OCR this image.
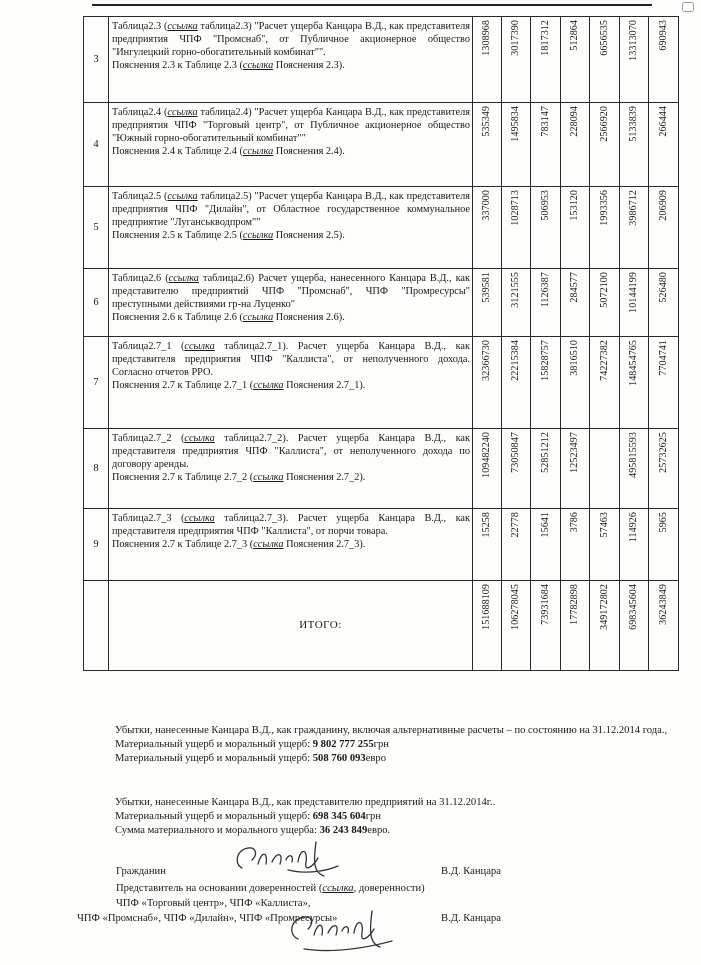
3	Таблица2.3 (ссылка таблица2.3) "Расчет ущерба Канцара В.Д., как представителя предприятия ЧПФ "Промснаб", от Публичное акционерное общество "Ингулецкий горно-обогатительный комбинат"".
Пояснения 2.3 к Таблице 2.3 (ссылка Пояснения 2.3).	1308968	3017390	1817312	512864	6656535	13313070	690943

4	Таблица2.4 (ссылка таблица2.4) "Расчет ущерба Канцара В.Д., как представителя предприятия ЧПФ "Торговый центр", от Публичное акционерное общество "Южный горно-обогатительный комбинат""
Пояснения 2.4 к Таблице 2.4 (ссылка Пояснения 2.4).	535349	1495834	783147	228094	2566920	5133839	266444

5	Таблица2.5 (ссылка таблица2.5) "Расчет ущерба Канцара В.Д., как представителя предприятия ЧПФ "Дилайн", от Областное государственное коммунальное предприятие "Луганськводпром""
Пояснения 2.5 к Таблице 2.5 (ссылка Пояснения 2.5).	337000	1028713	506953	153120	1993356	3986712	206909

6	Таблица2.6 (ссылка таблица2.6) Расчет ущерба, нанесенного Канцара В.Д., как представителю предприятий ЧПФ "Промснаб", ЧПФ "Промресурсы" преступными действиями гр-на Луценко"
Пояснения 2.6 к Таблице 2.6 (ссылка Пояснения 2.6).	539581	3121555	1126387	284577	5072100	10144199	526480

7	Таблица2.7_1 (ссылка таблица2.7_1). Расчет ущерба Канцара В.Д., как представителя предприятия ЧПФ "Каллиста", от неполученного дохода. Согласно отчетов РРО.
Пояснения 2.7 к Таблице 2.7_1 (ссылка Пояснения 2.7_1).	32366730	22215384	15828757	3816510	74227382	148454765	7704741

8	Таблица2.7_2 (ссылка таблица2.7_2). Расчет ущерба Канцара В.Д., как представителя предприятия ЧПФ "Каллиста", от неполученного дохода по договору аренды.
Пояснения 2.7 к Таблице 2.7_2 (ссылка Пояснения 2.7_2).	109482240	73050847	52851212	12523497		495815593	25732625

9	Таблица2.7_3 (ссылка таблица2.7_3). Расчет ущерба Канцара В.Д., как представителя предприятия ЧПФ "Каллиста", от порчи товара.
Пояснения 2.7 к Таблице 2.7_3 (ссылка Пояснения 2.7_3).	15258	22778	15641	3786	57463	114926	5965

	ИТОГО:	151688109	106278045	73931684	17782898	349172802	698345604	36243849

Убытки, нанесенные Канцара В.Д., как гражданину, включая альтернативные расчеты – по состоянию на 31.12.2014 года.,

Материальный ущерб и моральный ущерб: 9 802 777 255грн

Материальный ущерб и моральный ущерб: 508 760 093евро

Убытки, нанесенные Канцара В.Д., как представителю предприятий на 31.12.2014г..

Материальный ущерб и моральный ущерб: 698 345 604грн

Сумма материального и морального ущерба: 36 243 849евро.

Гражданин	В.Д. Канцара
Представитель на основании доверенностей (ссылка, доверенности)
ЧПФ «Торговый центр», ЧПФ «Каллиста»,
ЧПФ «Промснаб», ЧПФ «Дилайн», ЧПФ «Промресурсы»	В.Д. Канцара
